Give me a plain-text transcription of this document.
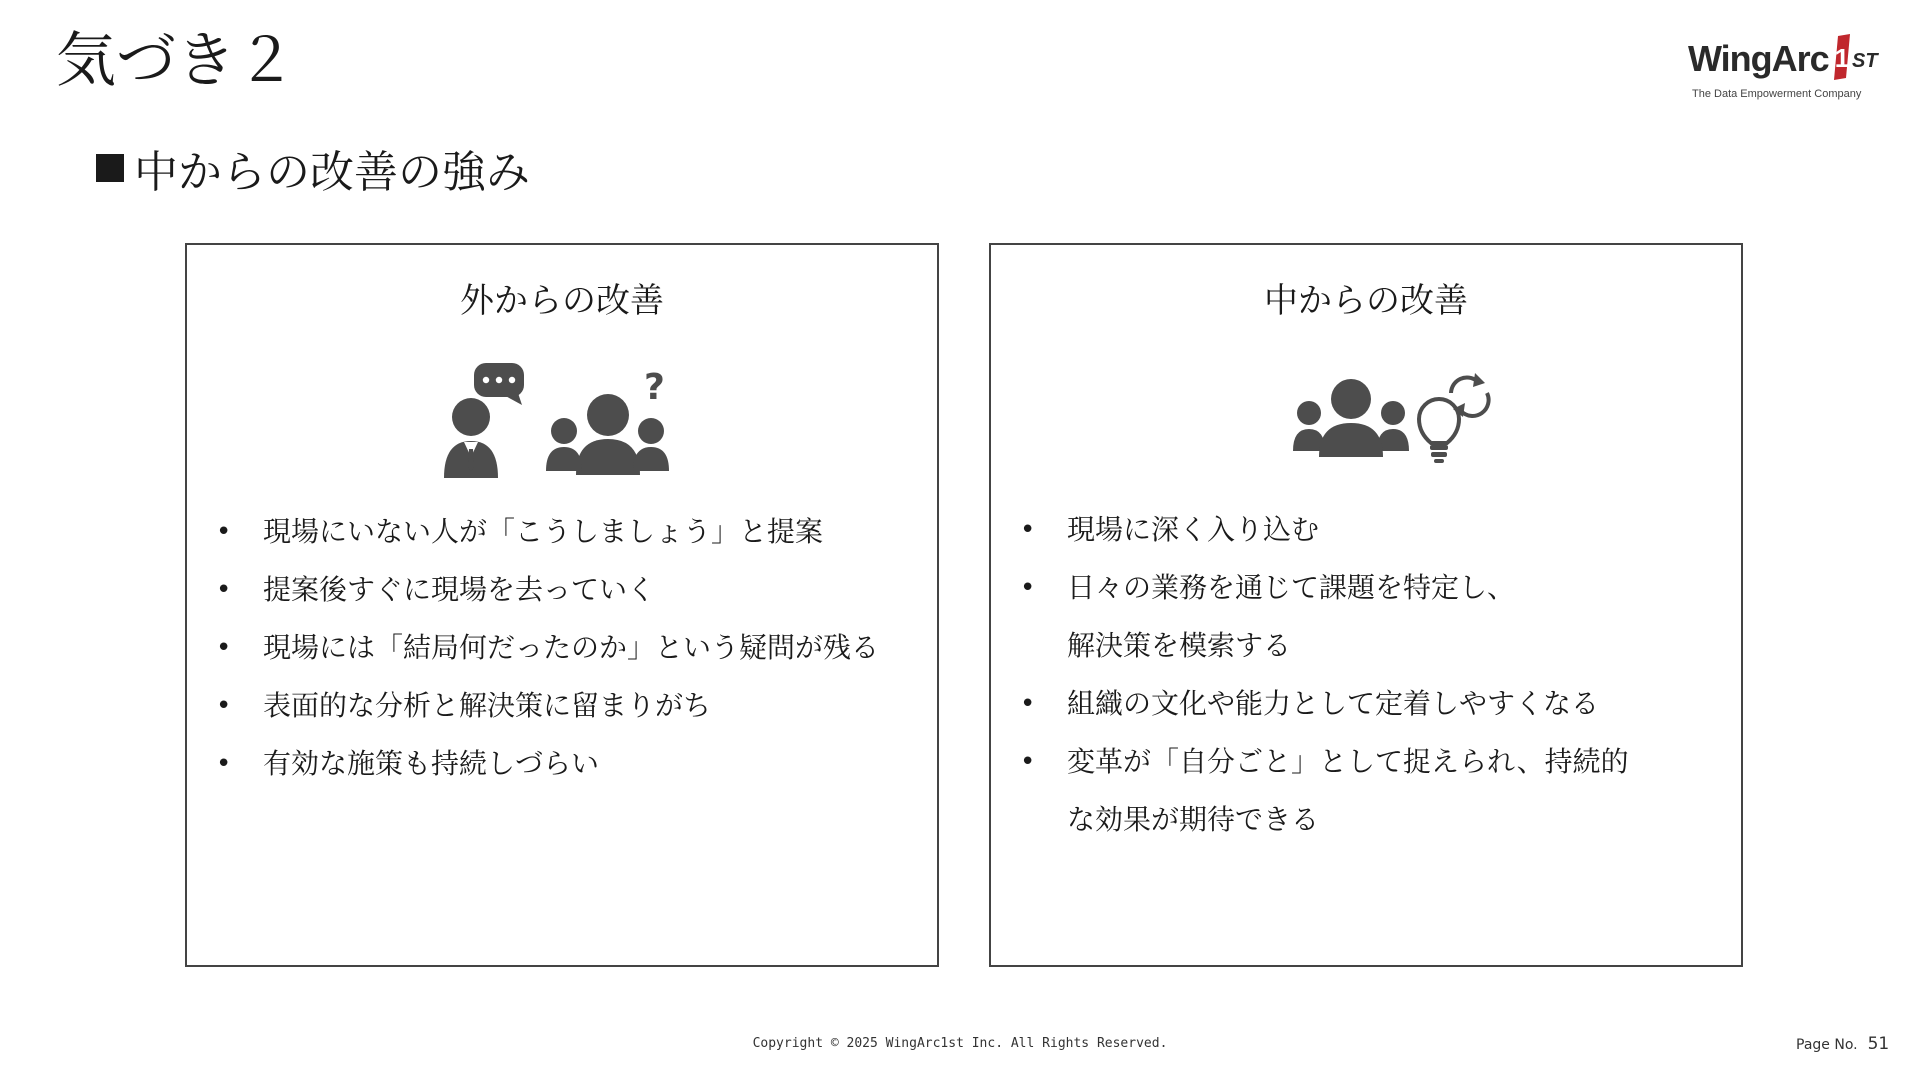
気づき２	WingArc 1 ST
The Data Empowerment Company
中からの改善の強み
外からの改善
?
• 現場にいない人が「こうしましょう」と提案
• 提案後すぐに現場を去っていく
• 現場には「結局何だったのか」という疑問が残る
• 表面的な分析と解決策に留まりがち
• 有効な施策も持続しづらい
中からの改善
• 現場に深く入り込む
• 日々の業務を通じて課題を特定し、
解決策を模索する
• 組織の文化や能力として定着しやすくなる
• 変革が「自分ごと」として捉えられ、持続的
な効果が期待できる
Copyright © 2025 WingArc1st Inc. All Rights Reserved.	Page No. 51
